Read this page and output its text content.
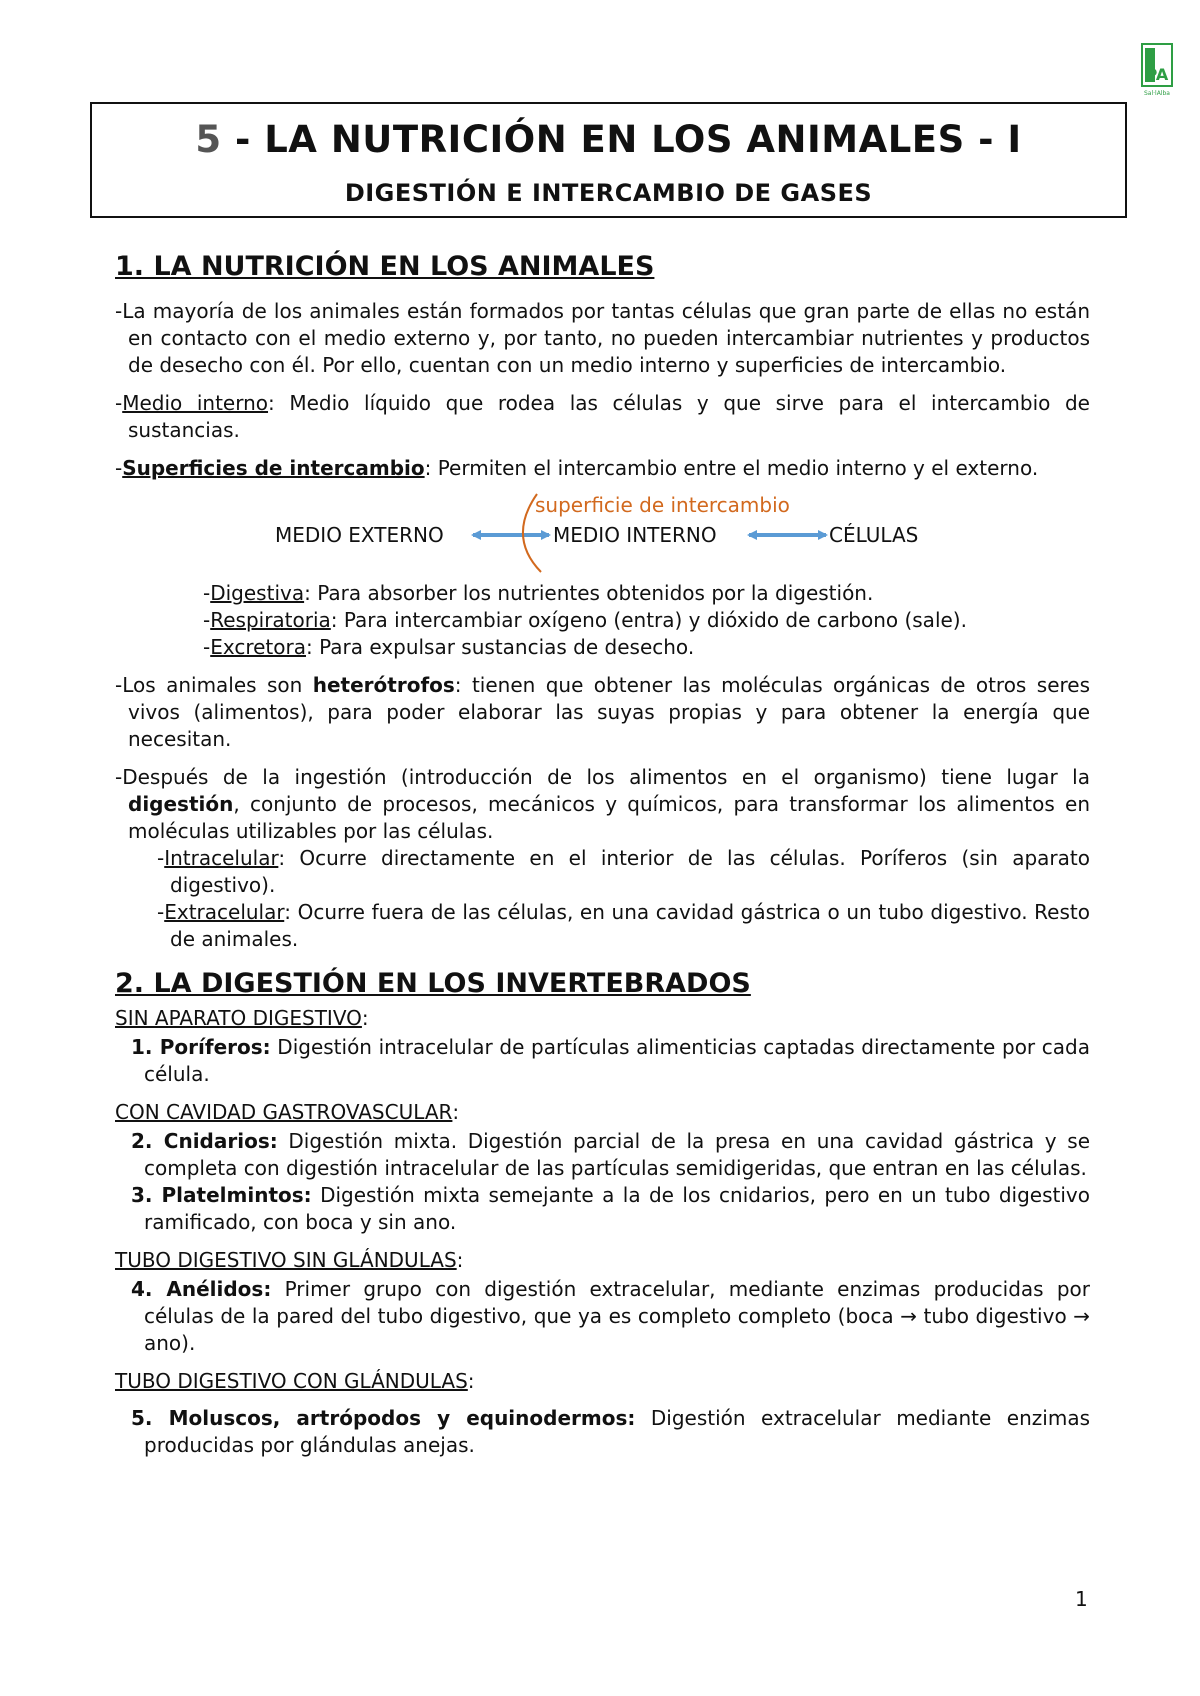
PA
Sal·lAlba
5 - LA NUTRICIÓN EN LOS ANIMALES - I
DIGESTIÓN E INTERCAMBIO DE GASES
1. LA NUTRICIÓN EN LOS ANIMALES
-La mayoría de los animales están formados por tantas células que gran parte de ellas no están en contacto con el medio externo y, por tanto, no pueden intercambiar nutrientes y productos de desecho con él. Por ello, cuentan con un medio interno y superficies de intercambio.
-Medio interno: Medio líquido que rodea las células y que sirve para el intercambio de sustancias.
-Superficies de intercambio: Permiten el intercambio entre el medio interno y el externo.
superficie de intercambio
MEDIO EXTERNO	MEDIO INTERNO	CÉLULAS
-Digestiva: Para absorber los nutrientes obtenidos por la digestión.
-Respiratoria: Para intercambiar oxígeno (entra) y dióxido de carbono (sale).
-Excretora: Para expulsar sustancias de desecho.
-Los animales son heterótrofos: tienen que obtener las moléculas orgánicas de otros seres vivos (alimentos), para poder elaborar las suyas propias y para obtener la energía que necesitan.
-Después de la ingestión (introducción de los alimentos en el organismo) tiene lugar la digestión, conjunto de procesos, mecánicos y químicos, para transformar los alimentos en moléculas utilizables por las células.
-Intracelular: Ocurre directamente en el interior de las células. Poríferos (sin aparato digestivo).
-Extracelular: Ocurre fuera de las células, en una cavidad gástrica o un tubo digestivo. Resto de animales.
2. LA DIGESTIÓN EN LOS INVERTEBRADOS
SIN APARATO DIGESTIVO:
1. Poríferos: Digestión intracelular de partículas alimenticias captadas directamente por cada célula.
CON CAVIDAD GASTROVASCULAR:
2. Cnidarios: Digestión mixta. Digestión parcial de la presa en una cavidad gástrica y se completa con digestión intracelular de las partículas semidigeridas, que entran en las células.
3. Platelmintos: Digestión mixta semejante a la de los cnidarios, pero en un tubo digestivo ramificado, con boca y sin ano.
TUBO DIGESTIVO SIN GLÁNDULAS:
4. Anélidos: Primer grupo con digestión extracelular, mediante enzimas producidas por células de la pared del tubo digestivo, que ya es completo completo (boca → tubo digestivo → ano).
TUBO DIGESTIVO CON GLÁNDULAS:
5. Moluscos, artrópodos y equinodermos: Digestión extracelular mediante enzimas producidas por glándulas anejas.
1
